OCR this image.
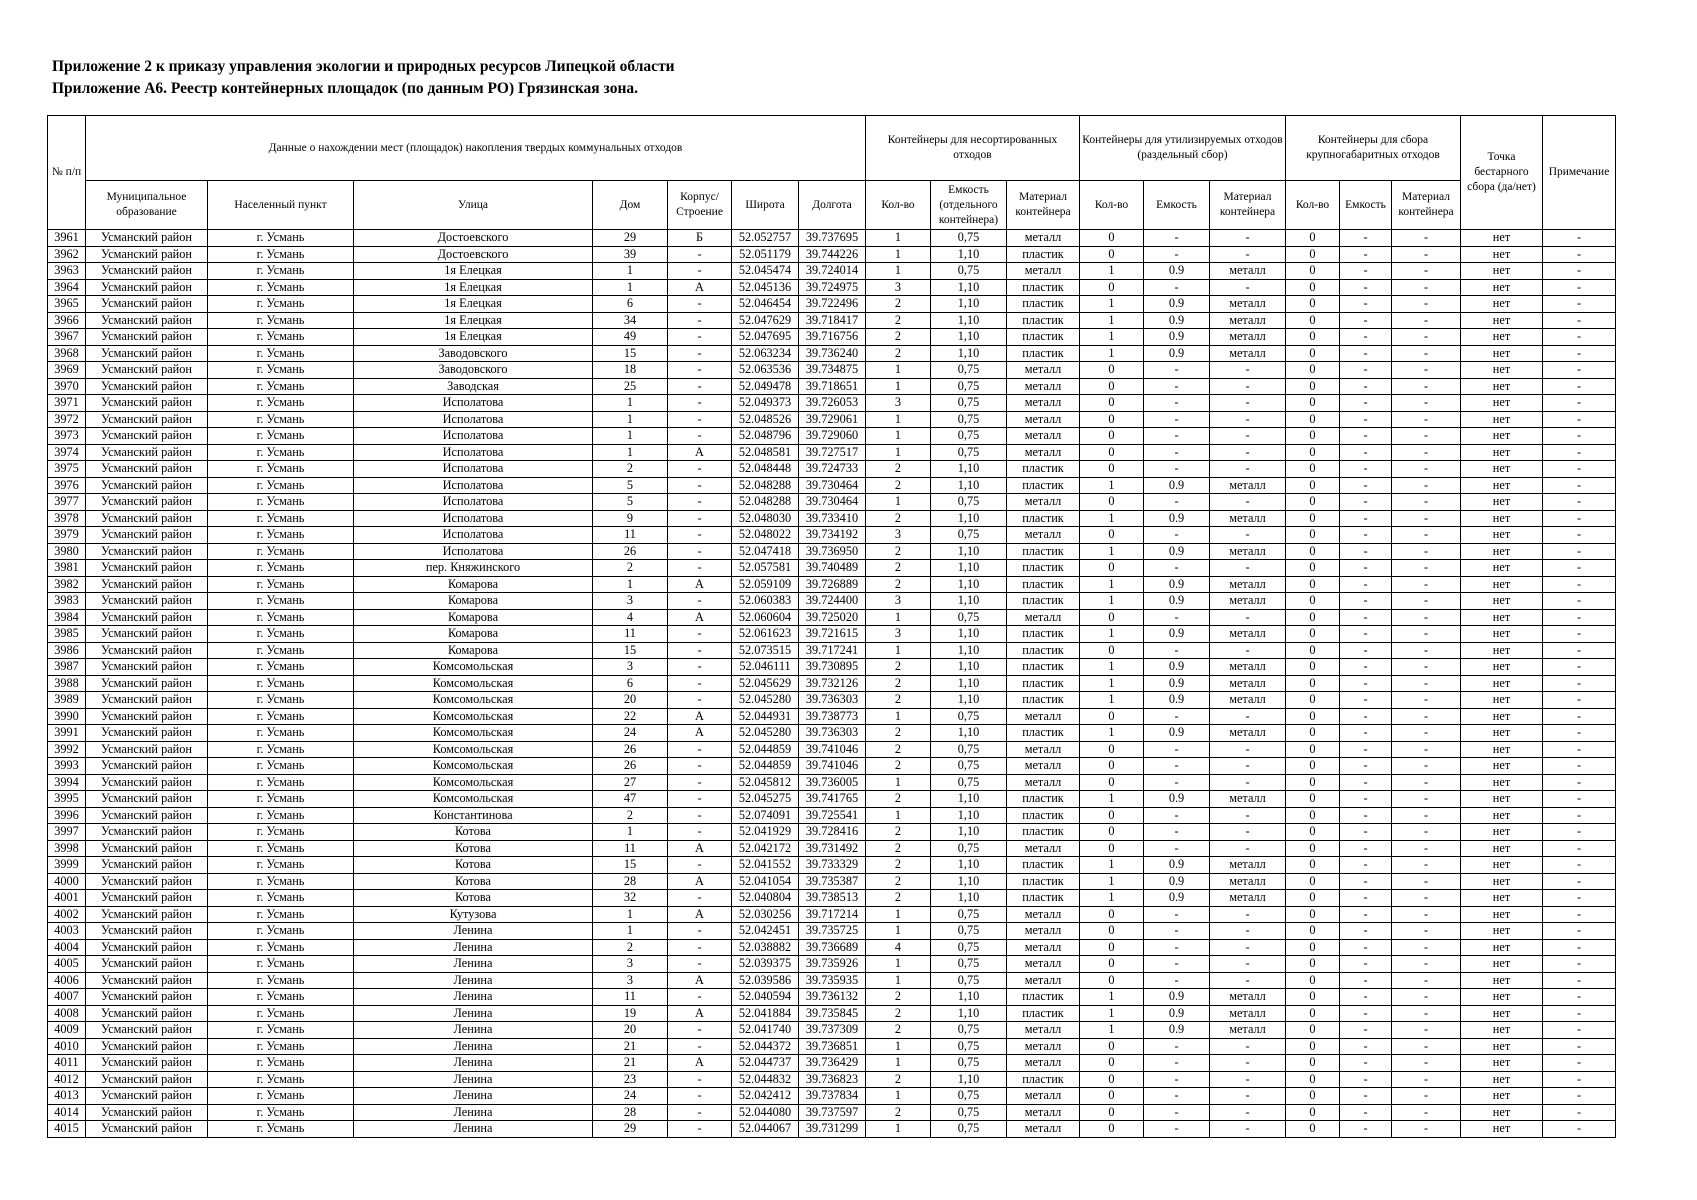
Приложение 2 к приказу управления экологии и природных ресурсов Липецкой области
Приложение А6. Реестр контейнерных площадок (по данным РО) Грязинская зона.
№ п/п	Данные о нахождении мест (площадок) накопления твердых коммунальных отходов							Контейнеры для несортированных отходов			Контейнеры для утилизируемых отходов (раздельный сбор)			Контейнеры для сбора крупногабаритных отходов			Точка бестарного сбора (да/нет)	Примечание
	Муниципальное образование	Населенный пункт	Улица	Дом	Корпус/ Строение	Широта	Долгота	Кол-во	Емкость (отдельного контейнера)	Материал контейнера	Кол-во	Емкость	Материал контейнера	Кол-во	Емкость	Материал контейнера		
3961	Усманский район	г. Усмань	Достоевского	29	Б	52.052757	39.737695	1	0,75	металл	0	-	-	0	-	-	нет	-
3962	Усманский район	г. Усмань	Достоевского	39	-	52.051179	39.744226	1	1,10	пластик	0	-	-	0	-	-	нет	-
3963	Усманский район	г. Усмань	1я Елецкая	1	-	52.045474	39.724014	1	0,75	металл	1	0.9	металл	0	-	-	нет	-
3964	Усманский район	г. Усмань	1я Елецкая	1	А	52.045136	39.724975	3	1,10	пластик	0	-	-	0	-	-	нет	-
3965	Усманский район	г. Усмань	1я Елецкая	6	-	52.046454	39.722496	2	1,10	пластик	1	0.9	металл	0	-	-	нет	-
3966	Усманский район	г. Усмань	1я Елецкая	34	-	52.047629	39.718417	2	1,10	пластик	1	0.9	металл	0	-	-	нет	-
3967	Усманский район	г. Усмань	1я Елецкая	49	-	52.047695	39.716756	2	1,10	пластик	1	0.9	металл	0	-	-	нет	-
3968	Усманский район	г. Усмань	Заводовского	15	-	52.063234	39.736240	2	1,10	пластик	1	0.9	металл	0	-	-	нет	-
3969	Усманский район	г. Усмань	Заводовского	18	-	52.063536	39.734875	1	0,75	металл	0	-	-	0	-	-	нет	-
3970	Усманский район	г. Усмань	Заводская	25	-	52.049478	39.718651	1	0,75	металл	0	-	-	0	-	-	нет	-
3971	Усманский район	г. Усмань	Исполатова	1	-	52.049373	39.726053	3	0,75	металл	0	-	-	0	-	-	нет	-
3972	Усманский район	г. Усмань	Исполатова	1	-	52.048526	39.729061	1	0,75	металл	0	-	-	0	-	-	нет	-
3973	Усманский район	г. Усмань	Исполатова	1	-	52.048796	39.729060	1	0,75	металл	0	-	-	0	-	-	нет	-
3974	Усманский район	г. Усмань	Исполатова	1	А	52.048581	39.727517	1	0,75	металл	0	-	-	0	-	-	нет	-
3975	Усманский район	г. Усмань	Исполатова	2	-	52.048448	39.724733	2	1,10	пластик	0	-	-	0	-	-	нет	-
3976	Усманский район	г. Усмань	Исполатова	5	-	52.048288	39.730464	2	1,10	пластик	1	0.9	металл	0	-	-	нет	-
3977	Усманский район	г. Усмань	Исполатова	5	-	52.048288	39.730464	1	0,75	металл	0	-	-	0	-	-	нет	-
3978	Усманский район	г. Усмань	Исполатова	9	-	52.048030	39.733410	2	1,10	пластик	1	0.9	металл	0	-	-	нет	-
3979	Усманский район	г. Усмань	Исполатова	11	-	52.048022	39.734192	3	0,75	металл	0	-	-	0	-	-	нет	-
3980	Усманский район	г. Усмань	Исполатова	26	-	52.047418	39.736950	2	1,10	пластик	1	0.9	металл	0	-	-	нет	-
3981	Усманский район	г. Усмань	пер. Княжинского	2	-	52.057581	39.740489	2	1,10	пластик	0	-	-	0	-	-	нет	-
3982	Усманский район	г. Усмань	Комарова	1	А	52.059109	39.726889	2	1,10	пластик	1	0.9	металл	0	-	-	нет	-
3983	Усманский район	г. Усмань	Комарова	3	-	52.060383	39.724400	3	1,10	пластик	1	0.9	металл	0	-	-	нет	-
3984	Усманский район	г. Усмань	Комарова	4	А	52.060604	39.725020	1	0,75	металл	0	-	-	0	-	-	нет	-
3985	Усманский район	г. Усмань	Комарова	11	-	52.061623	39.721615	3	1,10	пластик	1	0.9	металл	0	-	-	нет	-
3986	Усманский район	г. Усмань	Комарова	15	-	52.073515	39.717241	1	1,10	пластик	0	-	-	0	-	-	нет	-
3987	Усманский район	г. Усмань	Комсомольская	3	-	52.046111	39.730895	2	1,10	пластик	1	0.9	металл	0	-	-	нет	-
3988	Усманский район	г. Усмань	Комсомольская	6	-	52.045629	39.732126	2	1,10	пластик	1	0.9	металл	0	-	-	нет	-
3989	Усманский район	г. Усмань	Комсомольская	20	-	52.045280	39.736303	2	1,10	пластик	1	0.9	металл	0	-	-	нет	-
3990	Усманский район	г. Усмань	Комсомольская	22	А	52.044931	39.738773	1	0,75	металл	0	-	-	0	-	-	нет	-
3991	Усманский район	г. Усмань	Комсомольская	24	А	52.045280	39.736303	2	1,10	пластик	1	0.9	металл	0	-	-	нет	-
3992	Усманский район	г. Усмань	Комсомольская	26	-	52.044859	39.741046	2	0,75	металл	0	-	-	0	-	-	нет	-
3993	Усманский район	г. Усмань	Комсомольская	26	-	52.044859	39.741046	2	0,75	металл	0	-	-	0	-	-	нет	-
3994	Усманский район	г. Усмань	Комсомольская	27	-	52.045812	39.736005	1	0,75	металл	0	-	-	0	-	-	нет	-
3995	Усманский район	г. Усмань	Комсомольская	47	-	52.045275	39.741765	2	1,10	пластик	1	0.9	металл	0	-	-	нет	-
3996	Усманский район	г. Усмань	Константинова	2	-	52.074091	39.725541	1	1,10	пластик	0	-	-	0	-	-	нет	-
3997	Усманский район	г. Усмань	Котова	1	-	52.041929	39.728416	2	1,10	пластик	0	-	-	0	-	-	нет	-
3998	Усманский район	г. Усмань	Котова	11	А	52.042172	39.731492	2	0,75	металл	0	-	-	0	-	-	нет	-
3999	Усманский район	г. Усмань	Котова	15	-	52.041552	39.733329	2	1,10	пластик	1	0.9	металл	0	-	-	нет	-
4000	Усманский район	г. Усмань	Котова	28	А	52.041054	39.735387	2	1,10	пластик	1	0.9	металл	0	-	-	нет	-
4001	Усманский район	г. Усмань	Котова	32	-	52.040804	39.738513	2	1,10	пластик	1	0.9	металл	0	-	-	нет	-
4002	Усманский район	г. Усмань	Кутузова	1	А	52.030256	39.717214	1	0,75	металл	0	-	-	0	-	-	нет	-
4003	Усманский район	г. Усмань	Ленина	1	-	52.042451	39.735725	1	0,75	металл	0	-	-	0	-	-	нет	-
4004	Усманский район	г. Усмань	Ленина	2	-	52.038882	39.736689	4	0,75	металл	0	-	-	0	-	-	нет	-
4005	Усманский район	г. Усмань	Ленина	3	-	52.039375	39.735926	1	0,75	металл	0	-	-	0	-	-	нет	-
4006	Усманский район	г. Усмань	Ленина	3	А	52.039586	39.735935	1	0,75	металл	0	-	-	0	-	-	нет	-
4007	Усманский район	г. Усмань	Ленина	11	-	52.040594	39.736132	2	1,10	пластик	1	0.9	металл	0	-	-	нет	-
4008	Усманский район	г. Усмань	Ленина	19	А	52.041884	39.735845	2	1,10	пластик	1	0.9	металл	0	-	-	нет	-
4009	Усманский район	г. Усмань	Ленина	20	-	52.041740	39.737309	2	0,75	металл	1	0.9	металл	0	-	-	нет	-
4010	Усманский район	г. Усмань	Ленина	21	-	52.044372	39.736851	1	0,75	металл	0	-	-	0	-	-	нет	-
4011	Усманский район	г. Усмань	Ленина	21	А	52.044737	39.736429	1	0,75	металл	0	-	-	0	-	-	нет	-
4012	Усманский район	г. Усмань	Ленина	23	-	52.044832	39.736823	2	1,10	пластик	0	-	-	0	-	-	нет	-
4013	Усманский район	г. Усмань	Ленина	24	-	52.042412	39.737834	1	0,75	металл	0	-	-	0	-	-	нет	-
4014	Усманский район	г. Усмань	Ленина	28	-	52.044080	39.737597	2	0,75	металл	0	-	-	0	-	-	нет	-
4015	Усманский район	г. Усмань	Ленина	29	-	52.044067	39.731299	1	0,75	металл	0	-	-	0	-	-	нет	-
